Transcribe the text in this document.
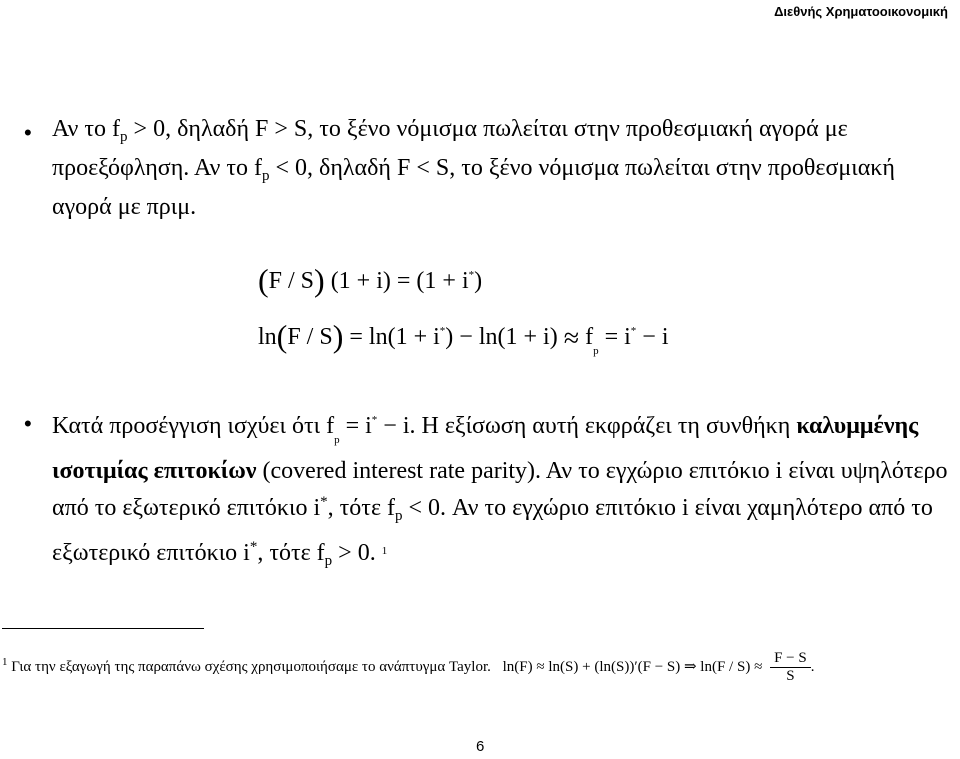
Διεθνής Χρηματοοικονομική
• Αν το $f_p > 0$, δηλαδή F > S, το ξένο νόμισμα πωλείται στην προθεσμιακή αγορά με προεξόφληση. Αν το $f_p < 0$, δηλαδή F < S, το ξένο νόμισμα πωλείται στην προθεσμιακή αγορά με πριμ.
(F / S) (1 + i) = (1 + i*)
$\ln(F / S) = \ln(1 + i^*) - \ln(1 + i) \approx f_p = i^* - i$
• Κατά προσέγγιση ισχύει ότι $f_p = i^* - i$. Η εξίσωση αυτή εκφράζει τη συνθήκη καλυμμένης ισοτιμίας επιτοκίων (covered interest rate parity). Αν το εγχώριο επιτόκιο i είναι υψηλότερο από το εξωτερικό επιτόκιο i*, τότε $f_p < 0$. Αν το εγχώριο επιτόκιο i είναι χαμηλότερο από το εξωτερικό επιτόκιο i*, τότε $f_p > 0$. $^1$
$^1$ Για την εξαγωγή της παραπάνω σχέσης χρησιμοποιήσαμε το ανάπτυγμα Taylor. ln(F) ≈ ln(S) + (ln(S))′(F − S) ⇒ $\ln(F / S) \approx \frac{F - S}{S}$ .
6
